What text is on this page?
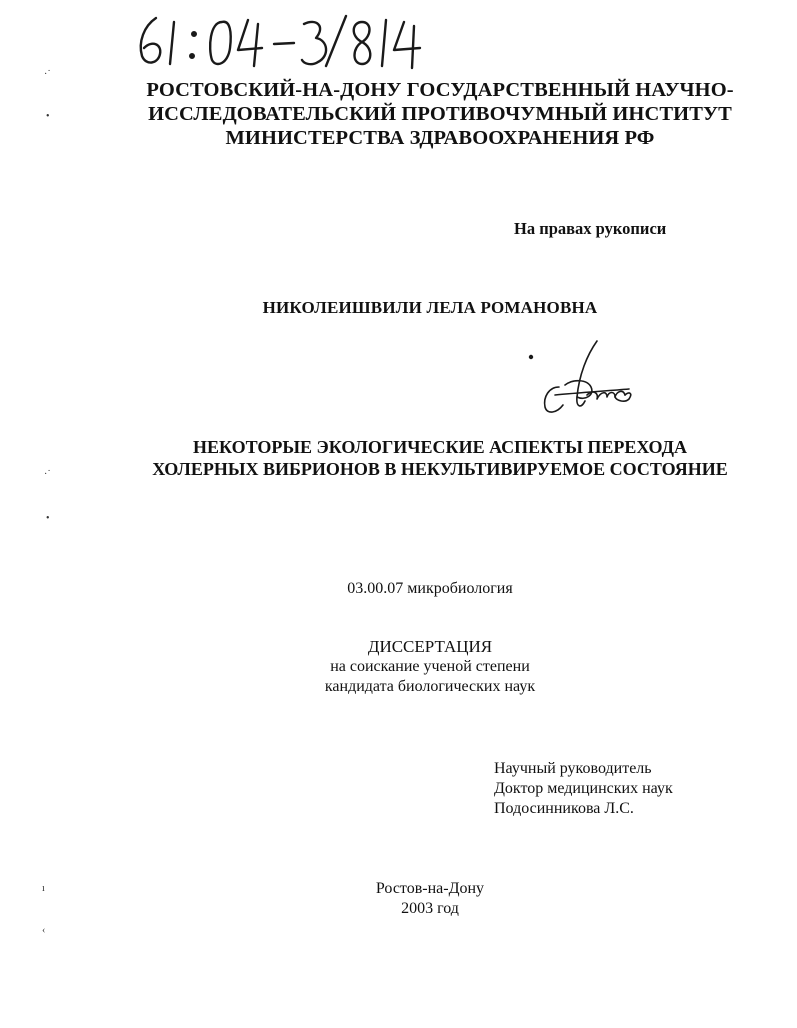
61:04-3/814
РОСТОВСКИЙ-НА-ДОНУ ГОСУДАРСТВЕННЫЙ НАУЧНО-
ИССЛЕДОВАТЕЛЬСКИЙ ПРОТИВОЧУМНЫЙ ИНСТИТУТ
МИНИСТЕРСТВА ЗДРАВООХРАНЕНИЯ РФ
На правах рукописи
НИКОЛЕИШВИЛИ ЛЕЛА РОМАНОВНА
НЕКОТОРЫЕ ЭКОЛОГИЧЕСКИЕ АСПЕКТЫ ПЕРЕХОДА
ХОЛЕРНЫХ ВИБРИОНОВ В НЕКУЛЬТИВИРУЕМОЕ СОСТОЯНИЕ
03.00.07 микробиология
ДИССЕРТАЦИЯ
на соискание ученой степени
кандидата биологических наук
Научный руководитель
Доктор медицинских наук
Подосинникова Л.С.
Ростов-на-Дону
2003 год
·˙
•
·˙
•
ı
‹
